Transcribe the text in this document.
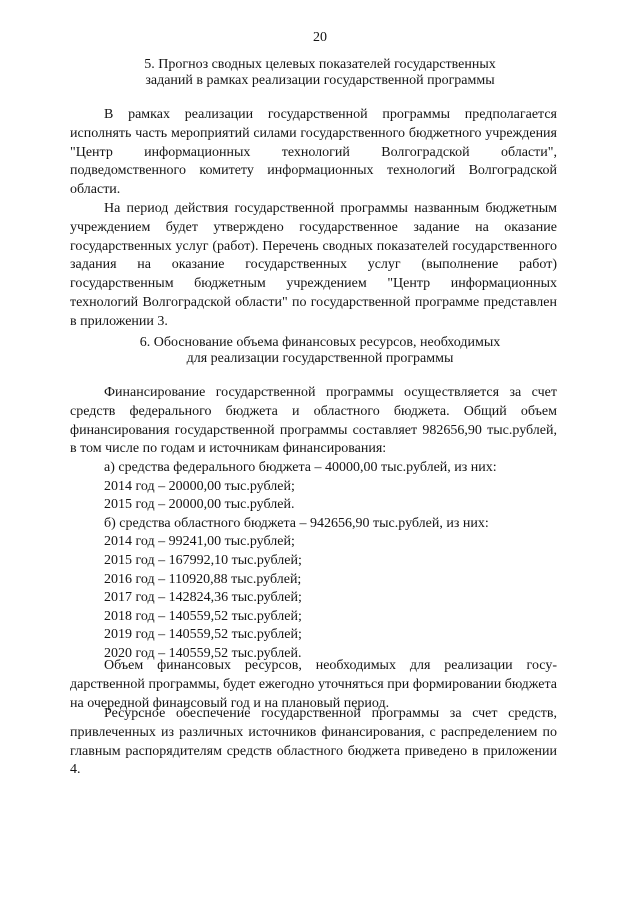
20
5. Прогноз сводных целевых показателей государственных
заданий в рамках реализации государственной программы

В рамках реализации государственной программы предполагается исполнять часть мероприятий силами государственного бюджетного учреждения "Центр информационных технологий Волгоградской области", подведомственного комитету информационных технологий Волгоградской области.

На период действия государственной программы названным бюджетным учреждением будет утверждено государственное задание на оказание государственных услуг (работ). Перечень сводных показателей государственного задания на оказание государственных услуг (выполнение работ) государственным бюджетным учреждением "Центр информационных технологий Волгоградской области" по государственной программе представлен в приложении 3.

6. Обоснование объема финансовых ресурсов, необходимых
для реализации государственной программы

Финансирование государственной программы осуществляется за счет средств федерального бюджета и областного бюджета. Общий объем финансирования государственной программы составляет 982656,90 тыс.рублей, в том числе по годам и источникам финансирования:

а) средства федерального бюджета – 40000,00 тыс.рублей, из них:
2014 год – 20000,00 тыс.рублей;
2015 год – 20000,00 тыс.рублей.
б) средства областного бюджета – 942656,90 тыс.рублей, из них:
2014 год – 99241,00 тыс.рублей;
2015 год – 167992,10 тыс.рублей;
2016 год – 110920,88 тыс.рублей;
2017 год – 142824,36 тыс.рублей;
2018 год – 140559,52 тыс.рублей;
2019 год – 140559,52 тыс.рублей;
2020 год – 140559,52 тыс.рублей.

Объем финансовых ресурсов, необходимых для реализации государственной программы, будет ежегодно уточняться при формировании бюджета на очередной финансовый год и на плановый период.

Ресурсное обеспечение государственной программы за счет средств, привлеченных из различных источников финансирования, с распределением по главным распорядителям средств областного бюджета приведено в приложении 4.
